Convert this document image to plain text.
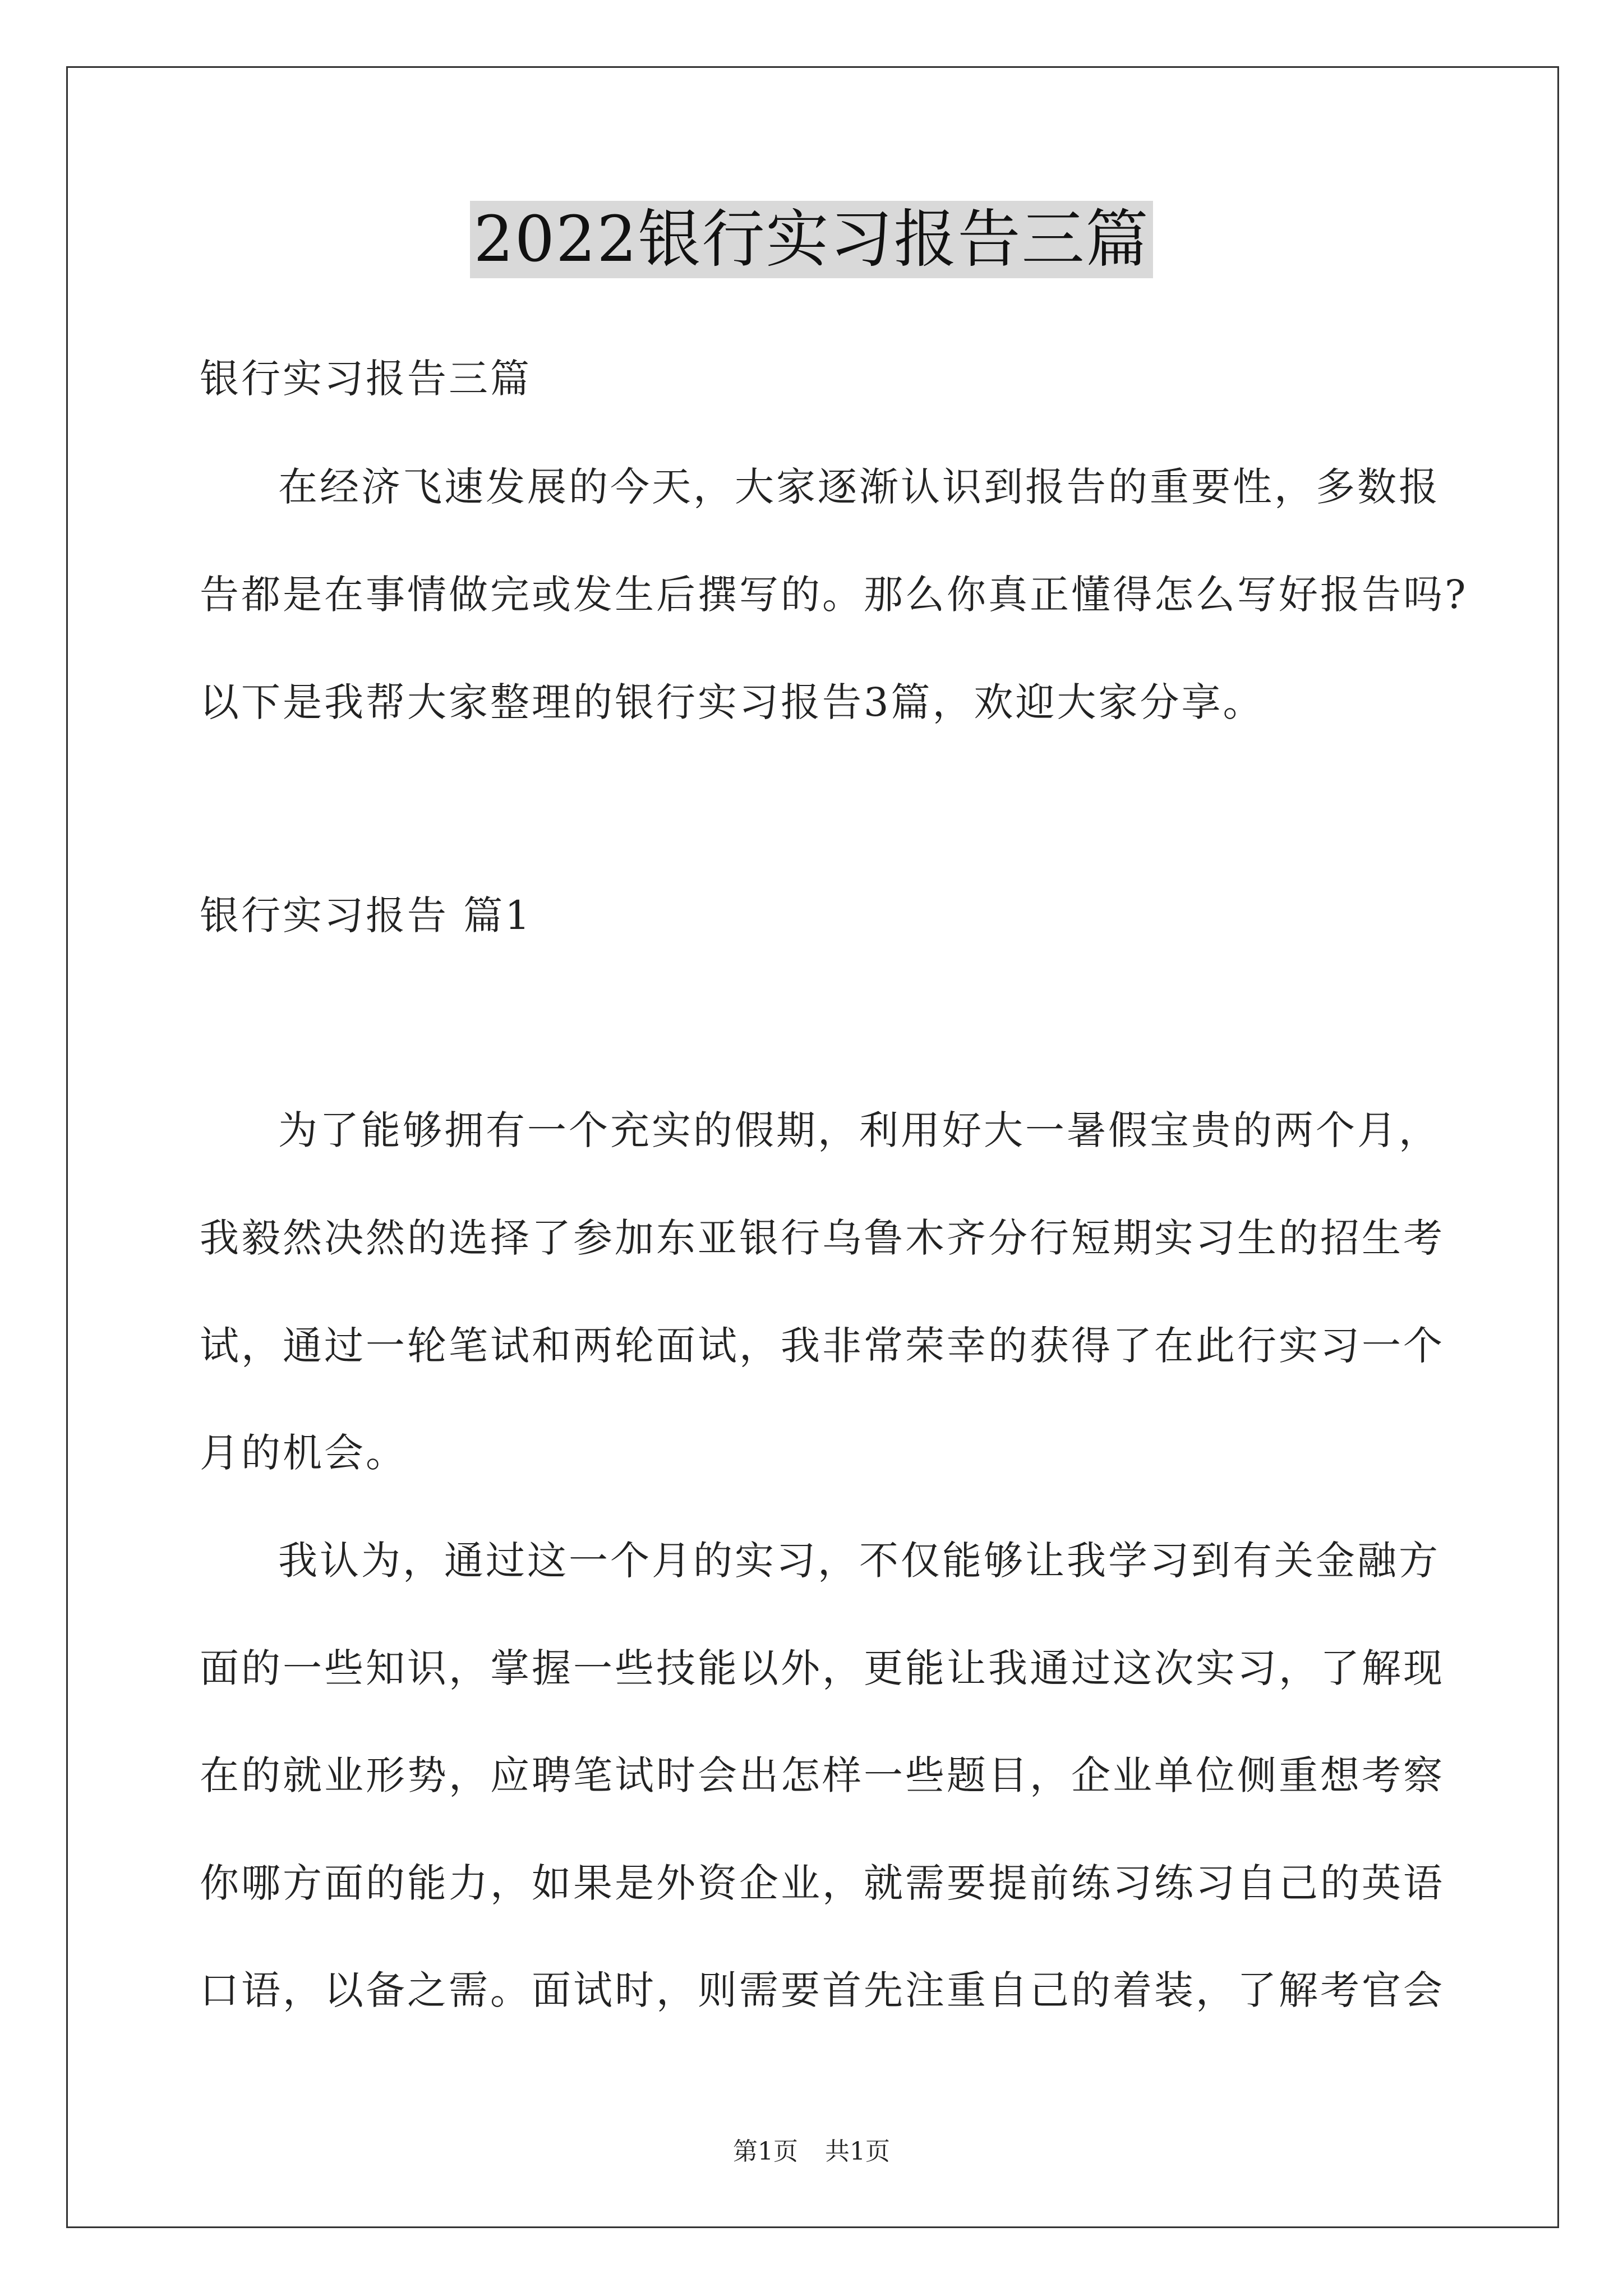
2022银行实习报告三篇
银行实习报告三篇
在经济飞速发展的今天，大家逐渐认识到报告的重要性，多数报
告都是在事情做完或发生后撰写的。那么你真正懂得怎么写好报告吗?
以下是我帮大家整理的银行实习报告3篇，欢迎大家分享。
银行实习报告 篇1
为了能够拥有一个充实的假期，利用好大一暑假宝贵的两个月，
我毅然决然的选择了参加东亚银行乌鲁木齐分行短期实习生的招生考
试，通过一轮笔试和两轮面试，我非常荣幸的获得了在此行实习一个
月的机会。
我认为，通过这一个月的实习，不仅能够让我学习到有关金融方
面的一些知识，掌握一些技能以外，更能让我通过这次实习，了解现
在的就业形势，应聘笔试时会出怎样一些题目，企业单位侧重想考察
你哪方面的能力，如果是外资企业，就需要提前练习练习自己的英语
口语，以备之需。面试时，则需要首先注重自己的着装，了解考官会
第1页 共1页
